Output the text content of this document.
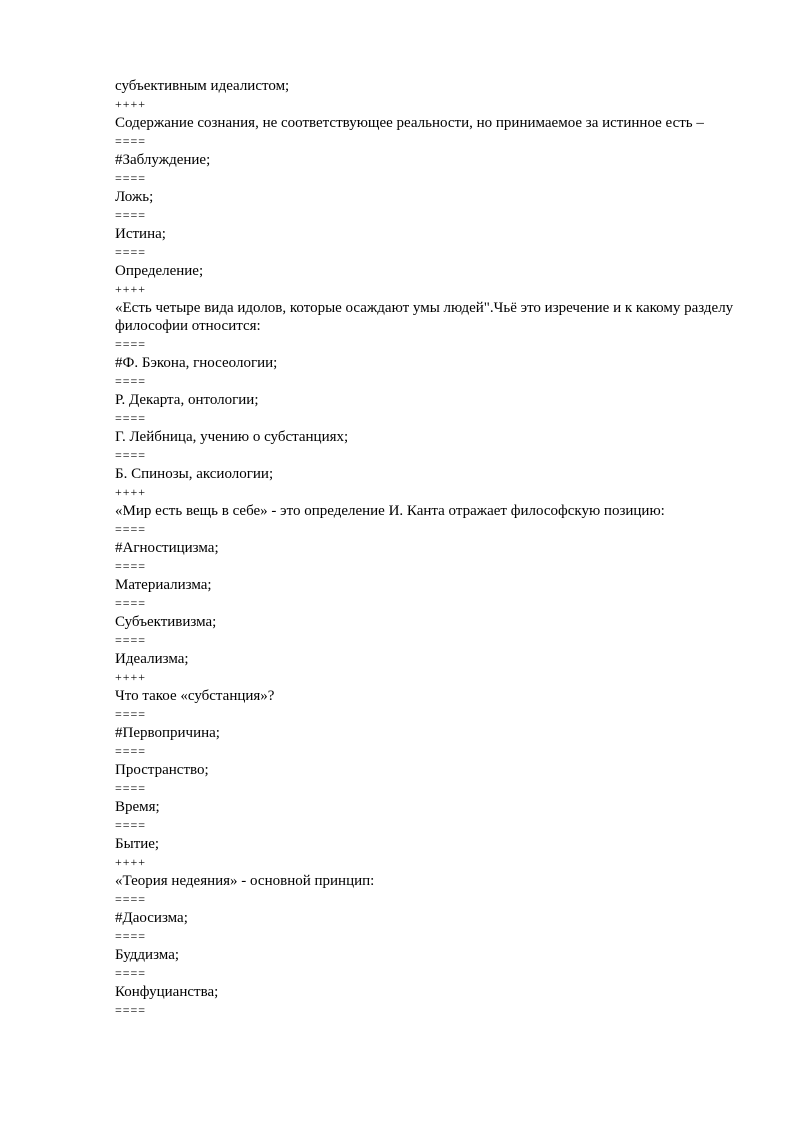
субъективным идеалистом;
++++
Содержание сознания, не соответствующее реальности, но принимаемое за истинное есть –
====
#Заблуждение;
====
Ложь;
====
Истина;
====
Определение;
++++
«Есть четыре вида идолов, которые осаждают умы людей".Чьё это изречение и к какому разделу философии относится:
====
#Ф. Бэкона, гносеологии;
====
Р. Декарта, онтологии;
====
Г. Лейбница, учению о субстанциях;
====
Б. Спинозы, аксиологии;
++++
«Мир есть вещь в себе» - это определение И. Канта отражает философскую позицию:
====
#Агностицизма;
====
Материализма;
====
Субъективизма;
====
Идеализма;
++++
Что такое «субстанция»?
====
#Первопричина;
====
Пространство;
====
Время;
====
Бытие;
++++
«Теория недеяния» - основной принцип:
====
#Даосизма;
====
Буддизма;
====
Конфуцианства;
====
